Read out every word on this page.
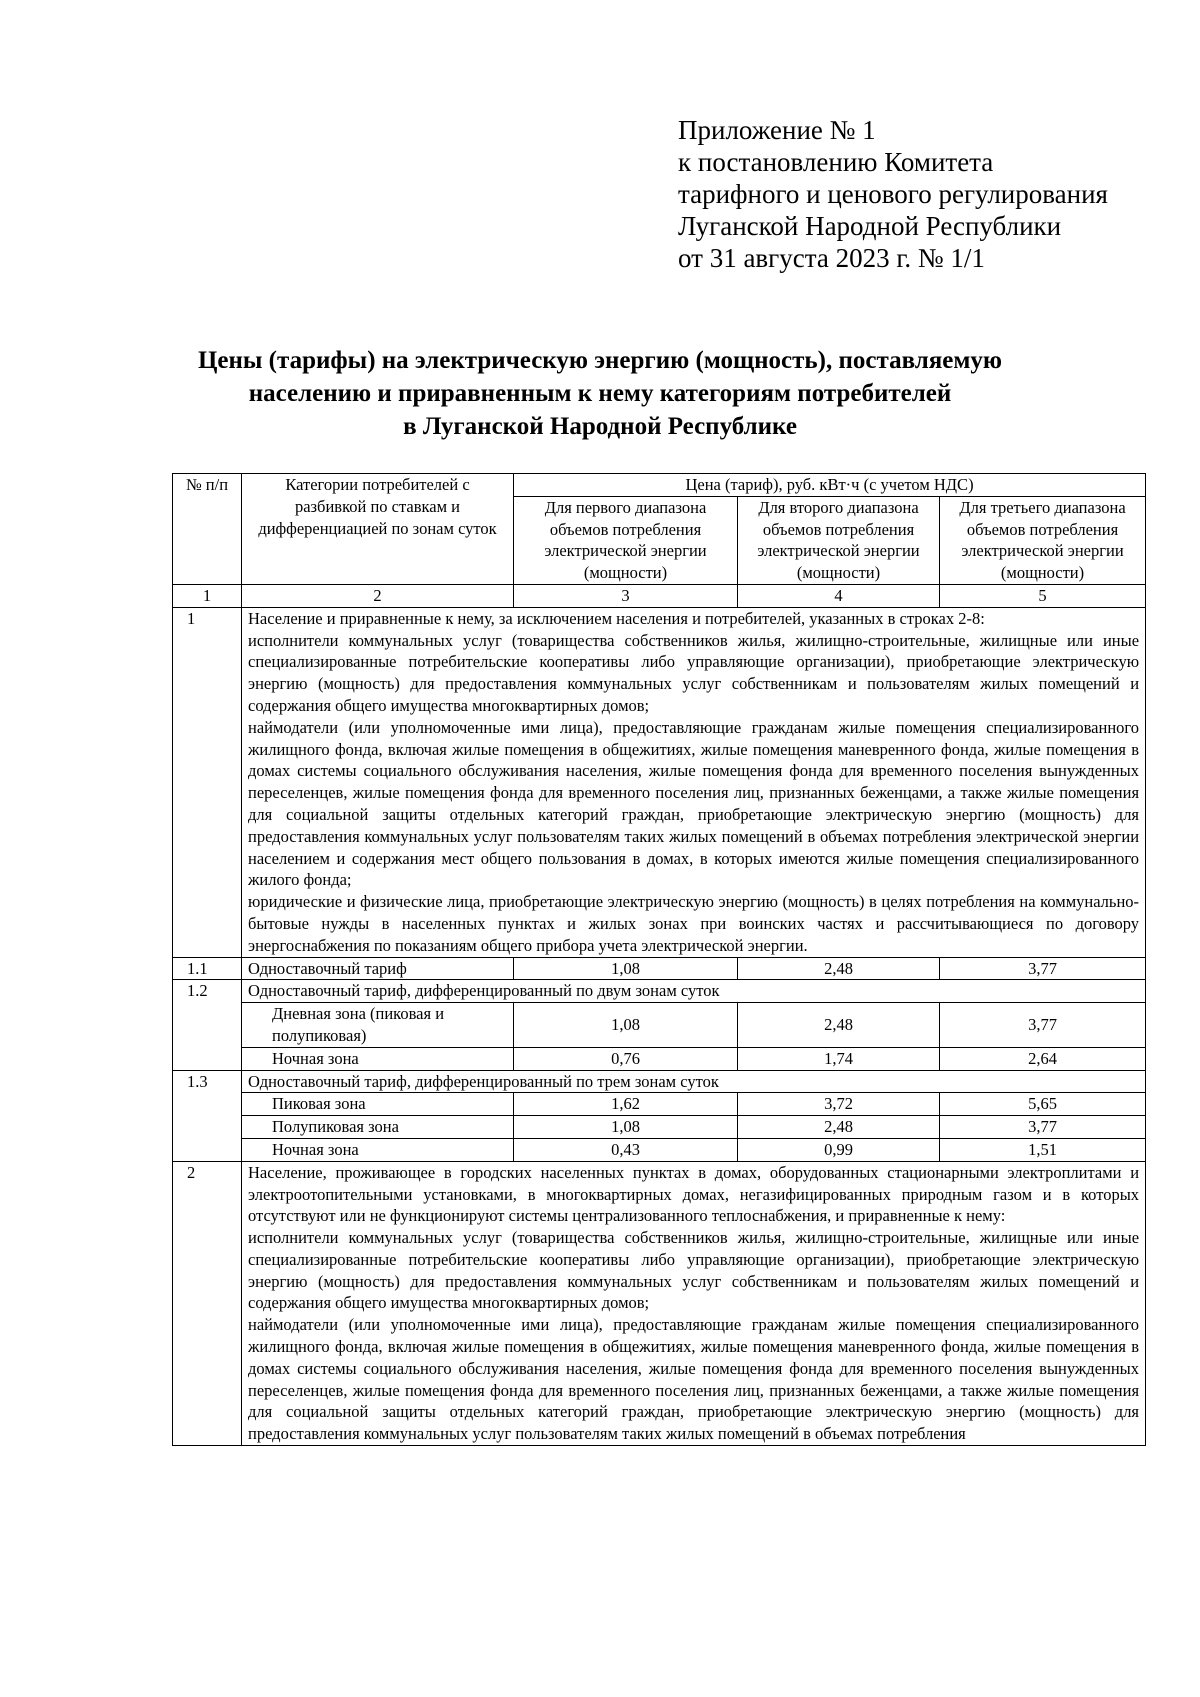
Приложение № 1
к постановлению Комитета
тарифного и ценового регулирования
Луганской Народной Республики
от 31 августа 2023 г. № 1/1
Цены (тарифы) на электрическую энергию (мощность), поставляемую
населению и приравненным к нему категориям потребителей
в Луганской Народной Республике
№ п/п	Категории потребителей с разбивкой по ставкам и дифференциацией по зонам суток	Цена (тариф), руб. кВт·ч (с учетом НДС)		
		Для первого диапазона объемов потребления электрической энергии (мощности)	Для второго диапазона объемов потребления электрической энергии (мощности)	Для третьего диапазона объемов потребления электрической энергии (мощности)
1	2	3	4	5
1	Население и приравненные к нему, за исключением населения и потребителей, указанных в строках 2-8:
исполнители коммунальных услуг (товарищества собственников жилья, жилищно-строительные, жилищные или иные специализированные потребительские кооперативы либо управляющие организации), приобретающие электрическую энергию (мощность) для предоставления коммунальных услуг собственникам и пользователям жилых помещений и содержания общего имущества многоквартирных домов;
наймодатели (или уполномоченные ими лица), предоставляющие гражданам жилые помещения специализированного жилищного фонда, включая жилые помещения в общежитиях, жилые помещения маневренного фонда, жилые помещения в домах системы социального обслуживания населения, жилые помещения фонда для временного поселения вынужденных переселенцев, жилые помещения фонда для временного поселения лиц, признанных беженцами, а также жилые помещения для социальной защиты отдельных категорий граждан, приобретающие электрическую энергию (мощность) для предоставления коммунальных услуг пользователям таких жилых помещений в объемах потребления электрической энергии населением и содержания мест общего пользования в домах, в которых имеются жилые помещения специализированного жилого фонда;
юридические и физические лица, приобретающие электрическую энергию (мощность) в целях потребления на коммунально-бытовые нужды в населенных пунктах и жилых зонах при воинских частях и рассчитывающиеся по договору энергоснабжения по показаниям общего прибора учета электрической энергии.			

1.1	Одноставочный тариф	1,08	2,48	3,77
1.2	Одноставочный тариф, дифференцированный по двум зонам суток			
	Дневная зона (пиковая и полупиковая)	1,08	2,48	3,77
	Ночная зона	0,76	1,74	2,64
1.3	Одноставочный тариф, дифференцированный по трем зонам суток			
	Пиковая зона	1,62	3,72	5,65
	Полупиковая зона	1,08	2,48	3,77
	Ночная зона	0,43	0,99	1,51
2	Население, проживающее в городских населенных пунктах в домах, оборудованных стационарными электроплитами и электроотопительными установками, в многоквартирных домах, негазифицированных природным газом и в которых отсутствуют или не функционируют системы централизованного теплоснабжения, и приравненные к нему:
исполнители коммунальных услуг (товарищества собственников жилья, жилищно-строительные, жилищные или иные специализированные потребительские кооперативы либо управляющие организации), приобретающие электрическую энергию (мощность) для предоставления коммунальных услуг собственникам и пользователям жилых помещений и содержания общего имущества многоквартирных домов;
наймодатели (или уполномоченные ими лица), предоставляющие гражданам жилые помещения специализированного жилищного фонда, включая жилые помещения в общежитиях, жилые помещения маневренного фонда, жилые помещения в домах системы социального обслуживания населения, жилые помещения фонда для временного поселения вынужденных переселенцев, жилые помещения фонда для временного поселения лиц, признанных беженцами, а также жилые помещения для социальной защиты отдельных категорий граждан, приобретающие электрическую энергию (мощность) для предоставления коммунальных услуг пользователям таких жилых помещений в объемах потребления			
